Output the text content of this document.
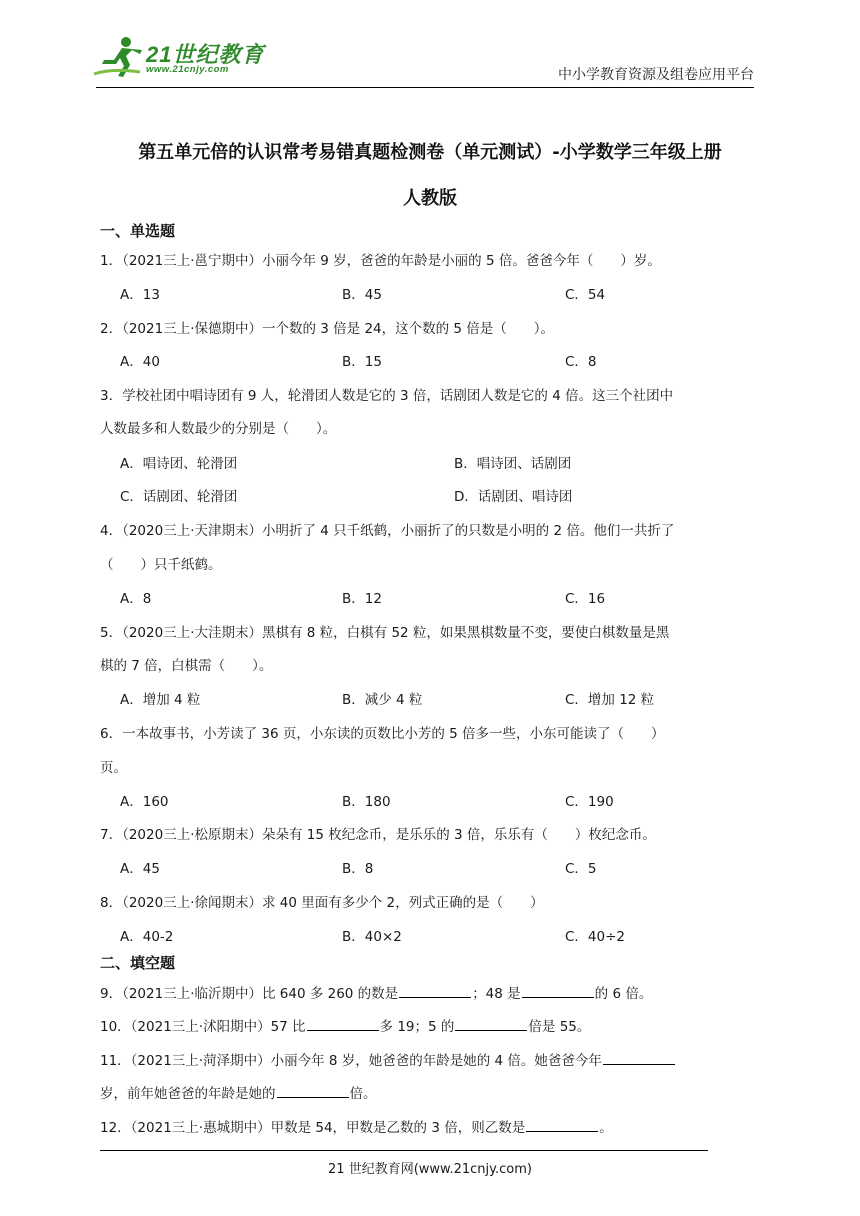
21世纪教育
www.21cnjy.com	中小学教育资源及组卷应用平台
第五单元倍的认识常考易错真题检测卷（单元测试）-小学数学三年级上册
人教版
一、单选题
1．（2021三上·邕宁期中）小丽今年 9 岁，爸爸的年龄是小丽的 5 倍。爸爸今年（　　）岁。
A．13	B．45	C．54
2．（2021三上·保德期中）一个数的 3 倍是 24，这个数的 5 倍是（　　）。
A．40	B．15	C．8
3．学校社团中唱诗团有 9 人，轮滑团人数是它的 3 倍，话剧团人数是它的 4 倍。这三个社团中
人数最多和人数最少的分别是（　　）。
A．唱诗团、轮滑团	B．唱诗团、话剧团
C．话剧团、轮滑团	D．话剧团、唱诗团
4．（2020三上·天津期末）小明折了 4 只千纸鹤，小丽折了的只数是小明的 2 倍。他们一共折了
（　　）只千纸鹤。
A．8	B．12	C．16
5．（2020三上·大洼期末）黑棋有 8 粒，白棋有 52 粒，如果黑棋数量不变，要使白棋数量是黑
棋的 7 倍，白棋需（　　）。
A．增加 4 粒	B．减少 4 粒	C．增加 12 粒
6．一本故事书，小芳读了 36 页，小东读的页数比小芳的 5 倍多一些，小东可能读了（　　）
页。
A．160	B．180	C．190
7．（2020三上·松原期末）朵朵有 15 枚纪念币，是乐乐的 3 倍，乐乐有（　　）枚纪念币。
A．45	B．8	C．5
8．（2020三上·徐闻期末）求 40 里面有多少个 2，列式正确的是（　　）
A．40-2	B．40×2	C．40÷2
二、填空题
9．（2021三上·临沂期中）比 640 多 260 的数是	；48 是	的 6 倍。
10．（2021三上·沭阳期中）57 比	多 19；5 的	倍是 55。
11．（2021三上·菏泽期中）小丽今年 8 岁，她爸爸的年龄是她的 4 倍。她爸爸今年
岁，前年她爸爸的年龄是她的	倍。
12．（2021三上·惠城期中）甲数是 54，甲数是乙数的 3 倍，则乙数是	。
21 世纪教育网(www.21cnjy.com)
